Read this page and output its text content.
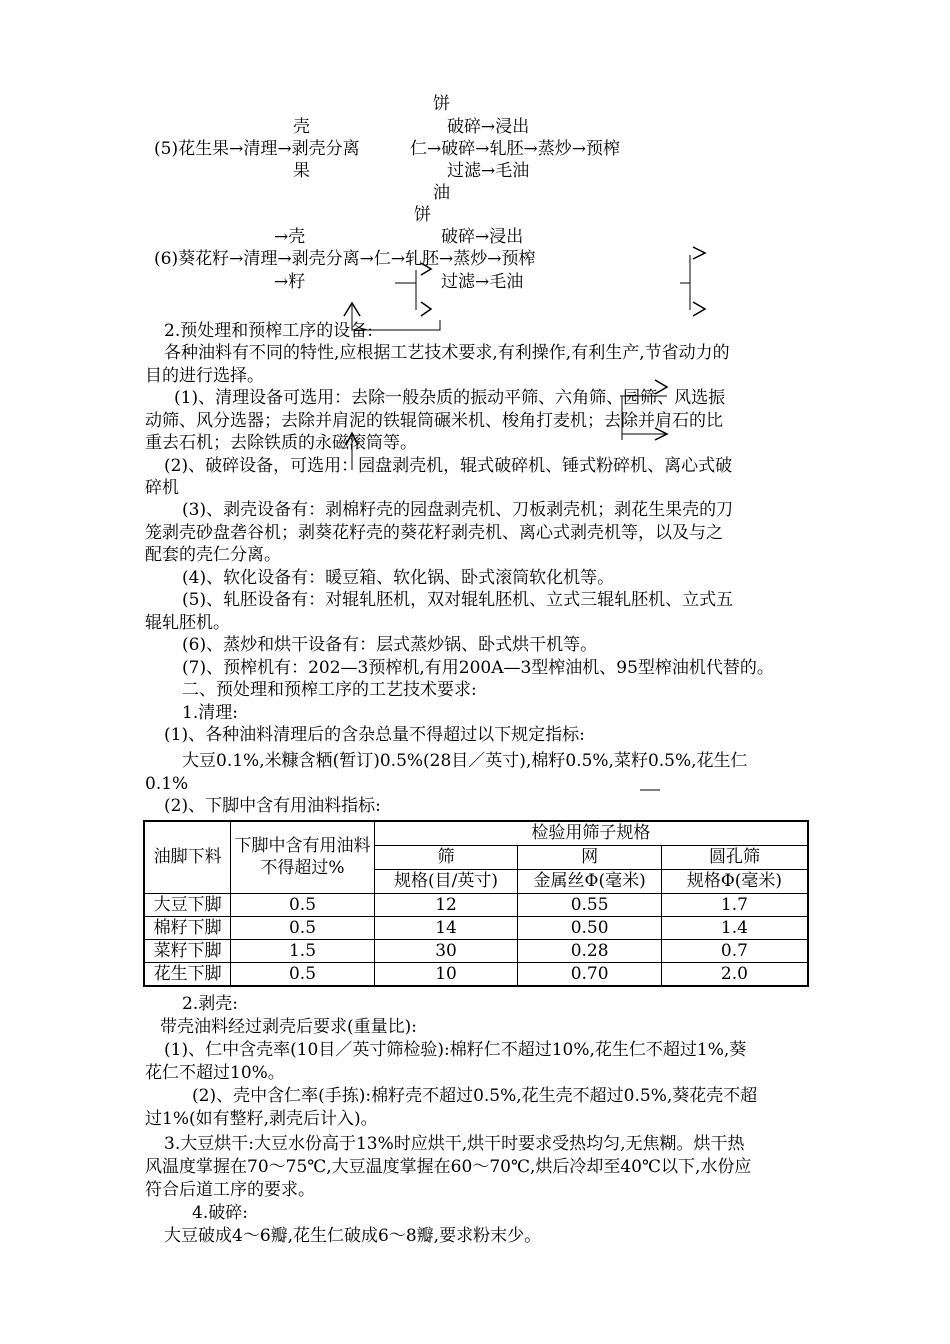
饼
壳	破碎→浸出
(5)花生果→清理→剥壳分离	仁→破碎→轧胚→蒸炒→预榨
果	过滤→毛油
油
饼
→壳	破碎→浸出
(6)葵花籽→清理→剥壳分离→仁→轧胚→蒸炒→预榨
→籽	过滤→毛油
2.预处理和预榨工序的设备:
各种油料有不同的特性,应根据工艺技术要求,有利操作,有利生产,节省动力的
目的进行选择。
(1)、清理设备可选用：去除一般杂质的振动平筛、六角筛、园筛、风选振
动筛、风分选器；去除并肩泥的铁辊筒碾米机、梭角打麦机；去除并肩石的比
重去石机；去除铁质的永磁滚筒等。
(2)、破碎设备，可选用：园盘剥壳机，辊式破碎机、锤式粉碎机、离心式破
碎机
(3)、剥壳设备有：剥棉籽壳的园盘剥壳机、刀板剥壳机；剥花生果壳的刀
笼剥壳砂盘砻谷机；剥葵花籽壳的葵花籽剥壳机、离心式剥壳机等，以及与之
配套的壳仁分离。
(4)、软化设备有：暖豆箱、软化锅、卧式滚筒软化机等。
(5)、轧胚设备有：对辊轧胚机，双对辊轧胚机、立式三辊轧胚机、立式五
辊轧胚机。
(6)、蒸炒和烘干设备有：层式蒸炒锅、卧式烘干机等。
(7)、预榨机有：202—3预榨机,有用200A—3型榨油机、95型榨油机代替的。
二、预处理和预榨工序的工艺技术要求:
1.清理:
(1)、各种油料清理后的含杂总量不得超过以下规定指标:
大豆0.1%,米糠含粞(暂订)0.5%(28目／英寸),棉籽0.5%,菜籽0.5%,花生仁
0.1%
(2)、下脚中含有用油料指标:
油脚下料	下脚中含有用油料不得超过%	检验用筛子规格		
		筛	网	圆孔筛
		规格(目/英寸)	金属丝Φ(毫米)	规格Φ(毫米)
大豆下脚	0.5	12	0.55	1.7
棉籽下脚	0.5	14	0.50	1.4
菜籽下脚	1.5	30	0.28	0.7
花生下脚	0.5	10	0.70	2.0
2.剥壳:
带壳油料经过剥壳后要求(重量比):
(1)、仁中含壳率(10目／英寸筛检验):棉籽仁不超过10%,花生仁不超过1%,葵
花仁不超过10%。
(2)、壳中含仁率(手拣):棉籽壳不超过0.5%,花生壳不超过0.5%,葵花壳不超
过1%(如有整籽,剥壳后计入)。
3.大豆烘干:大豆水份高于13%时应烘干,烘干时要求受热均匀,无焦糊。烘干热
风温度掌握在70～75℃,大豆温度掌握在60～70℃,烘后冷却至40℃以下,水份应
符合后道工序的要求。
4.破碎:
大豆破成4～6瓣,花生仁破成6～8瓣,要求粉末少。
